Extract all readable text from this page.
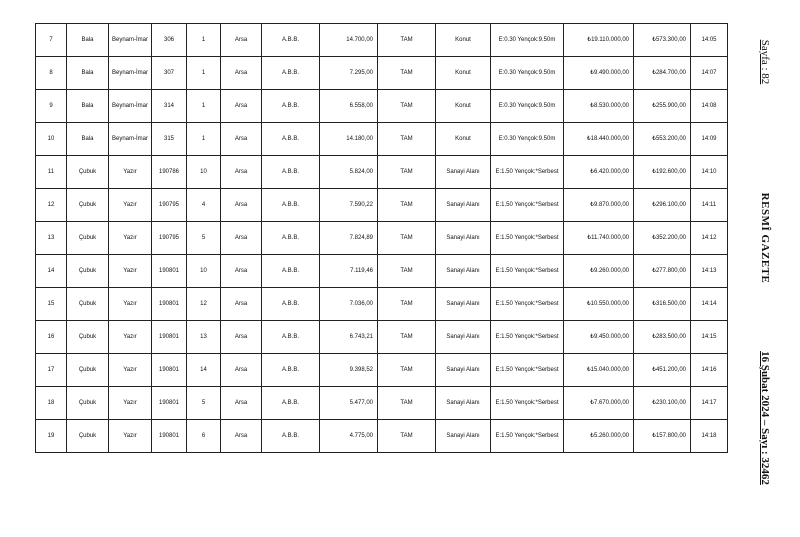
7	Bala	Beynam-İmar	306	1	Arsa	A.B.B.	14.700,00	TAM	Konut	E:0.30 Yençok:9.50m	₺19.110.000,00	₺573.300,00	14:05
8	Bala	Beynam-İmar	307	1	Arsa	A.B.B.	7.295,00	TAM	Konut	E:0.30 Yençok:9.50m	₺9.490.000,00	₺284.700,00	14:07
9	Bala	Beynam-İmar	314	1	Arsa	A.B.B.	6.558,00	TAM	Konut	E:0.30 Yençok:9.50m	₺8.530.000,00	₺255.900,00	14:08
10	Bala	Beynam-İmar	315	1	Arsa	A.B.B.	14.180,00	TAM	Konut	E:0.30 Yençok:9.50m	₺18.440.000,00	₺553.200,00	14:09
11	Çubuk	Yazır	190786	10	Arsa	A.B.B.	5.824,00	TAM	Sanayi Alanı	E:1.50 Yençok:*Serbest	₺6.420.000,00	₺192.600,00	14:10
12	Çubuk	Yazır	190795	4	Arsa	A.B.B.	7.590,22	TAM	Sanayi Alanı	E:1.50 Yençok:*Serbest	₺9.870.000,00	₺296.100,00	14:11
13	Çubuk	Yazır	190795	5	Arsa	A.B.B.	7.824,89	TAM	Sanayi Alanı	E:1.50 Yençok:*Serbest	₺11.740.000,00	₺352.200,00	14:12
14	Çubuk	Yazır	190801	10	Arsa	A.B.B.	7.119,46	TAM	Sanayi Alanı	E:1.50 Yençok:*Serbest	₺9.260.000,00	₺277.800,00	14:13
15	Çubuk	Yazır	190801	12	Arsa	A.B.B.	7.036,00	TAM	Sanayi Alanı	E:1.50 Yençok:*Serbest	₺10.550.000,00	₺316.500,00	14:14
16	Çubuk	Yazır	190801	13	Arsa	A.B.B.	6.743,21	TAM	Sanayi Alanı	E:1.50 Yençok:*Serbest	₺9.450.000,00	₺283.500,00	14:15
17	Çubuk	Yazır	190801	14	Arsa	A.B.B.	9.398,52	TAM	Sanayi Alanı	E:1.50 Yençok:*Serbest	₺15.040.000,00	₺451.200,00	14:16
18	Çubuk	Yazır	190801	5	Arsa	A.B.B.	5.477,00	TAM	Sanayi Alanı	E:1.50 Yençok:*Serbest	₺7.670.000,00	₺230.100,00	14:17
19	Çubuk	Yazır	190801	6	Arsa	A.B.B.	4.775,00	TAM	Sanayi Alanı	E:1.50 Yençok:*Serbest	₺5.260.000,00	₺157.800,00	14:18
Sayfa : 82
RESMÎ GAZETE
16 Şubat 2024 – Sayı : 32462
